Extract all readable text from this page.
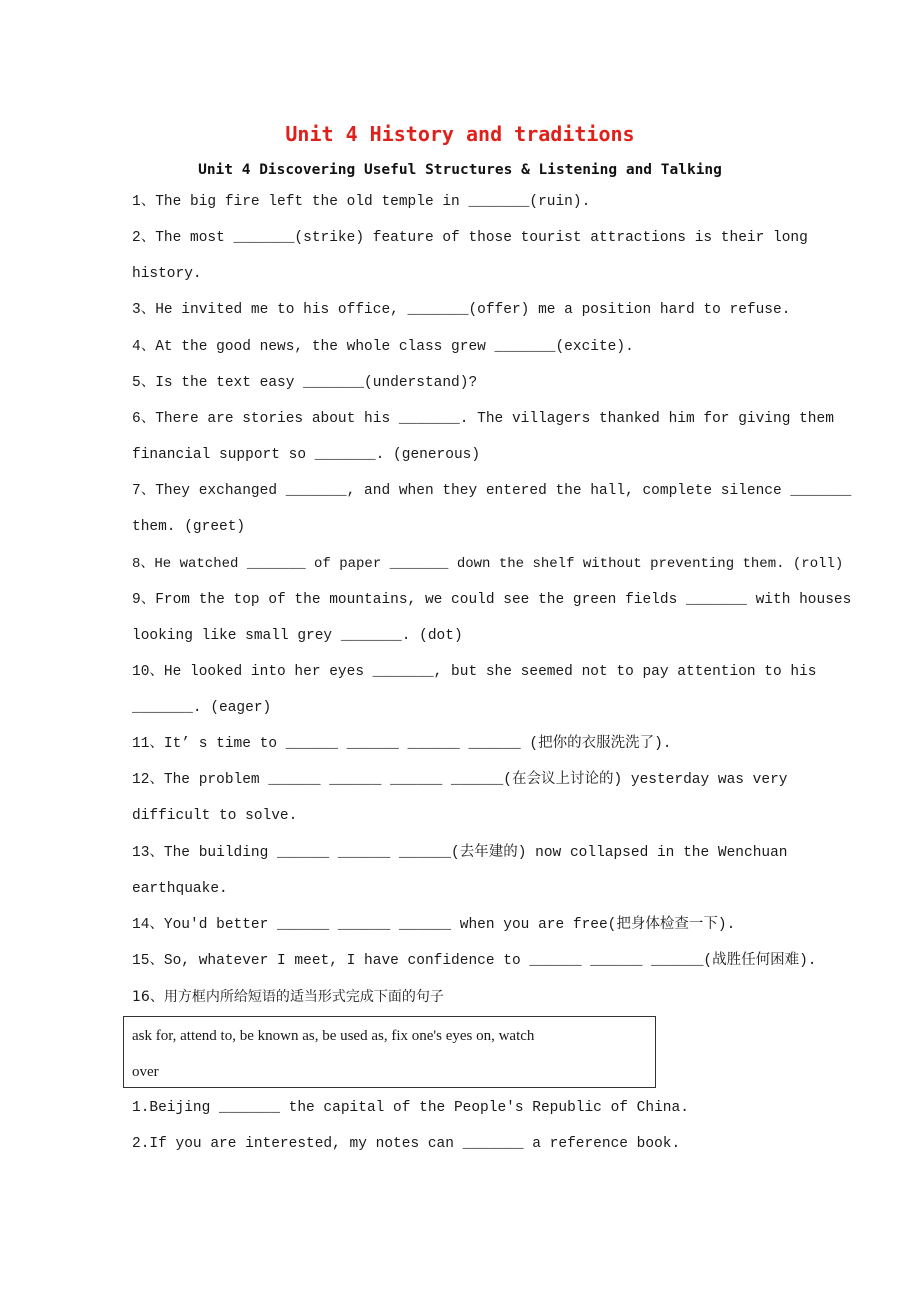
Unit 4 History and traditions
Unit 4 Discovering Useful Structures & Listening and Talking
1、The big fire left the old temple in _______(ruin).
2、The most _______(strike) feature of those tourist attractions is their long
history.
3、He invited me to his office, _______(offer) me a position hard to refuse.
4、At the good news, the whole class grew _______(excite).
5、Is the text easy _______(understand)?
6、There are stories about his _______. The villagers thanked him for giving them
financial support so _______. (generous)
7、They exchanged _______, and when they entered the hall, complete silence _______
them. (greet)
8、He watched _______ of paper _______ down the shelf without preventing them. (roll)
9、From the top of the mountains, we could see the green fields _______ with houses
looking like small grey _______. (dot)
10、He looked into her eyes _______, but she seemed not to pay attention to his
_______. (eager)
11、It’ s time to ______ ______ ______ ______ (把你的衣服洗洗了).
12、The problem ______ ______ ______ ______(在会议上讨论的) yesterday was very
difficult to solve.
13、The building ______ ______ ______(去年建的) now collapsed in the Wenchuan
earthquake.
14、You'd better ______ ______ ______ when you are free(把身体检查一下).
15、So, whatever I meet, I have confidence to ______ ______ ______(战胜任何困难).
16、用方框内所给短语的适当形式完成下面的句子
ask for, attend to, be known as, be used as, fix one's eyes on, watch
over
1.Beijing _______ the capital of the People's Republic of China.
2.If you are interested, my notes can _______ a reference book.
